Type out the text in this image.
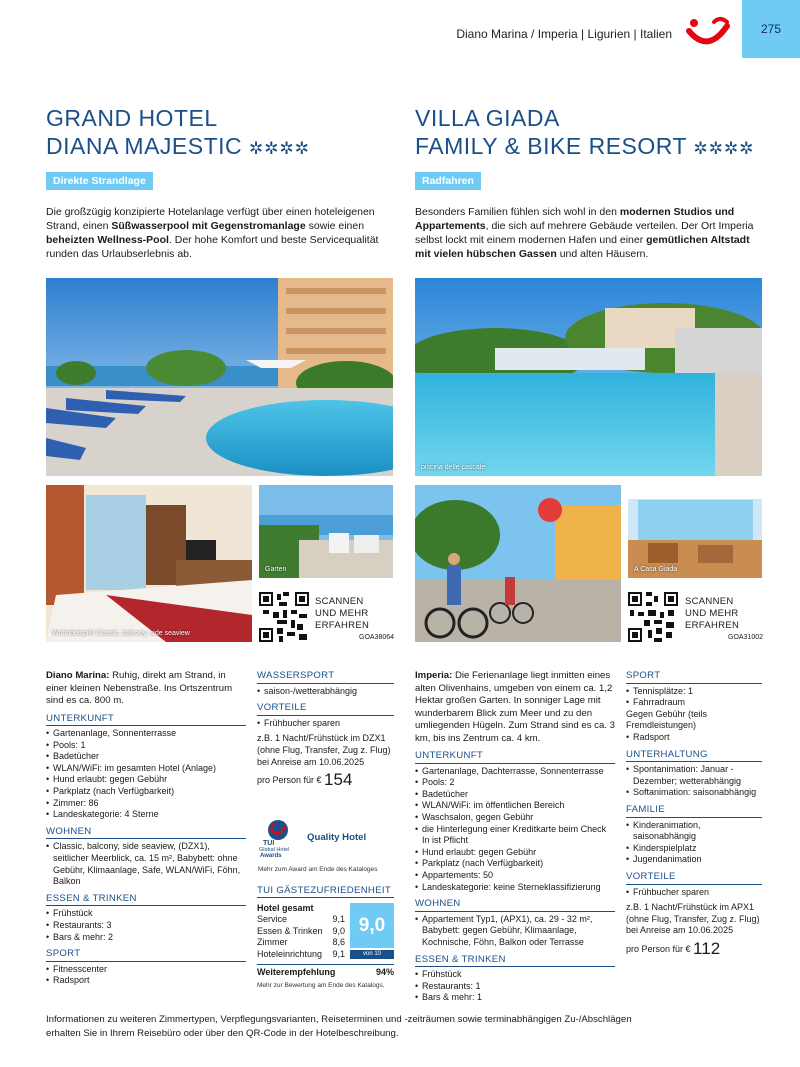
Diano Marina / Imperia | Ligurien | Italien	275
GRAND HOTEL
DIANA MAJESTIC ✲✲✲✲
Direkte Strandlage
Die großzügig konzipierte Hotelanlage verfügt über einen hoteleigenen Strand, einen Süßwasserpool mit Gegenstromanlage sowie einen beheizten Wellness-Pool. Der hohe Komfort und beste Servicequalität runden das Urlaubserlebnis ab.
VILLA GIADA
FAMILY & BIKE RESORT ✲✲✲✲
Radfahren
Besonders Familien fühlen sich wohl in den modernen Studios und Appartements, die sich auf mehrere Gebäude verteilen. Der Ort Imperia selbst lockt mit einem modernen Hafen und einer gemütlichen Altstadt mit vielen hübschen Gassen und alten Häusern.
Wohnbeispiel Classic, balcony, side seaview
Garten
SCANNEN
UND MEHR
ERFAHREN
GOA38064
piscina delle cascate
A Casa Giada
SCANNEN
UND MEHR
ERFAHREN
GOA31002
Diano Marina: Ruhig, direkt am Strand, in einer kleinen Nebenstraße. Ins Ortszentrum sind es ca. 800 m.
UNTERKUNFT
• Gartenanlage, Sonnenterrasse
• Pools: 1
• Badetücher
• WLAN/WiFi: im gesamten Hotel (Anlage)
• Hund erlaubt: gegen Gebühr
• Parkplatz (nach Verfügbarkeit)
• Zimmer: 86
• Landeskategorie: 4 Sterne
WOHNEN
• Classic, balcony, side seaview, (DZX1), seitlicher Meerblick, ca. 15 m², Babybett: ohne Gebühr, Klimaanlage, Safe, WLAN/WiFi, Föhn, Balkon
ESSEN & TRINKEN
• Frühstück
• Restaurants: 3
• Bars & mehr: 2
SPORT
• Fitnesscenter
• Radsport
WASSERSPORT
• saison-/wetterabhängig
VORTEILE
• Frühbucher sparen
z.B. 1 Nacht/Frühstück im DZX1 (ohne Flug, Transfer, Zug z. Flug) bei Anreise am 10.06.2025
pro Person für € 154
TUI
Global Hotel
Awards
Quality Hotel
Mehr zum Award am Ende des Kataloges
TUI GÄSTEZUFRIEDENHEIT
Hotel gesamt
Service	9,1
Essen & Trinken 9,0
Zimmer	8,6
Hoteleinrichtung 9,1
9,0
von 10
Weiterempfehlung	94%
Mehr zur Bewertung am Ende des Katalogs.
Imperia: Die Ferienanlage liegt inmitten eines alten Olivenhains, umgeben von einem ca. 1,2 Hektar großen Garten. In sonniger Lage mit wunderbarem Blick zum Meer und zu den umliegenden Hügeln. Zum Strand sind es ca. 3 km, bis ins Zentrum ca. 4 km.
UNTERKUNFT
• Gartenanlage, Dachterrasse, Sonnenterrasse
• Pools: 2
• Badetücher
• WLAN/WiFi: im öffentlichen Bereich
• Waschsalon, gegen Gebühr
• die Hinterlegung einer Kreditkarte beim Check In ist Pflicht
• Hund erlaubt: gegen Gebühr
• Parkplatz (nach Verfügbarkeit)
• Appartements: 50
• Landeskategorie: keine Sterneklassifizierung
WOHNEN
• Appartement Typ1, (APX1), ca. 29 - 32 m², Babybett: gegen Gebühr, Klimaanlage, Kochnische, Föhn, Balkon oder Terrasse
ESSEN & TRINKEN
• Frühstück
• Restaurants: 1
• Bars & mehr: 1
SPORT
• Tennisplätze: 1
• Fahrradraum
Gegen Gebühr (teils Fremdleistungen)
• Radsport
UNTERHALTUNG
• Spontanimation: Januar - Dezember; wetterabhängig
• Softanimation: saisonabhängig
FAMILIE
• Kinderanimation, saisonabhängig
• Kinderspielplatz
• Jugendanimation
VORTEILE
• Frühbucher sparen
z.B. 1 Nacht/Frühstück im APX1 (ohne Flug, Transfer, Zug z. Flug) bei Anreise am 10.06.2025
pro Person für € 112
Informationen zu weiteren Zimmertypen, Verpflegungsvarianten, Reiseterminen und -zeiträumen sowie terminabhängigen Zu-/Abschlägen erhalten Sie in Ihrem Reisebüro oder über den QR-Code in der Hotelbeschreibung.
